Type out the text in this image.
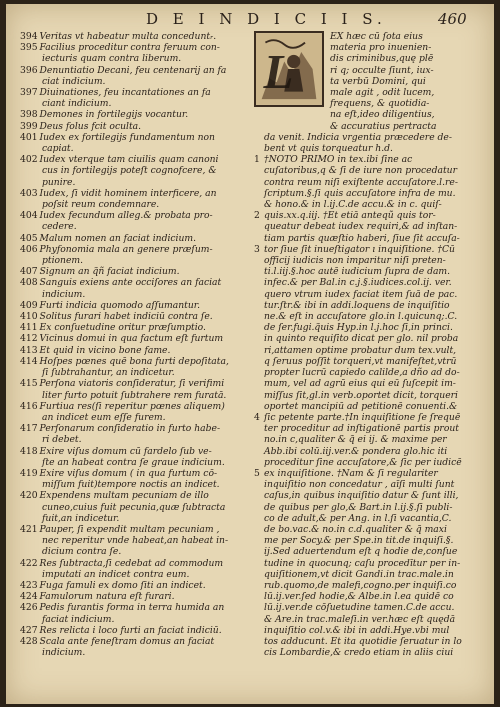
D E I N D I C I I S.	460
394 Veritas vt habeatur multa conceduntᵣ.
395 Facilius proceditur contra feruum con-
iecturis quam contra liberum.
396 Denuntiatio Decani, feu centenarij an fa
ciat indicium.
397 Diuinationes, feu incantationes an fa
ciant indicium.
398 Demones in fortilegijs vocantur.
399 Deus folus fcit oculta.
401 Iudex ex fortilegijs fundamentum non
capiat.
402 Iudex vterque tam ciuilis quam canoni
cus in fortilegijs poteſt cognofcere, &
punire.
403 Iudex, ſi vidit hominem interficere, an
poſsit reum condemnare.
404 Iudex fecundum alleg.& probata pro-
cedere.
405 Malum nomen an faciat indicium.
406 Phyfonomia mala an genere præſum-
ptionem.
407 Signum an q̃ñ faciat indicium.
408 Sanguis exiens ante occiſores an faciat
indicium.
409 Furti indicia quomodo aſſumantur.
410 Solitus furari habet indiciū contra ſe.
411 Ex conſuetudine oritur præſumptio.
412 Vicinus domui in qua factum eſt furtum
413 Et quid in vicino bone fame.
414 Hoſpes pœnes quē bona furti depoſitata,
ſi ſubtrahantur, an indicetur.
415 Perſona viatoris conſideratur, ſi verifimi
liter furto potuit ſubtrahere rem furatā.
416 Furtiua res(ſi reperitur pœnes aliquem)
an indicet eum eſſe furem.
417 Perſonarum conſideratio in furto habe-
ri debet.
418 Exire viſus domum cū fardelo ſub ve-
ſte an habeat contra ſe graue indicium.
419 Exire viſus domum ( in qua furtum cō-
miſſum fuit)tempore noctis an indicet.
420 Expendens multam pecuniam de illo
cuneo,cuius fuit pecunia,quæ ſubtracta
fuit,an indicetur.
421 Pauper, ſi expendit multam pecuniam ,
nec reperitur vnde habeat,an habeat in-
dicium contra ſe.
422 Res ſubtracta,ſi cedebat ad commodum
imputati an indicet contra eum.
423 Fuga famuli ex domo ſiti an indicet.
424 Famulorum natura eſt furari.
426 Pedis furantis forma in terra humida an
faciat indicium.
427 Res relicta i loco furti an faciat indiciū.
428 Scala ante feneſtram domus an faciat
indicium.
L
EX hæc cū ſota eius
materia pro inuenien-
dis criminibus,quę plē
ri q; occulte ſiunt, iux-
ta verbū Domini, qui
male agit , odit lucem,
frequens, & quotidia-
na eſt,ideo diligentius,
& accuratius pertracta
da venit. Indicia vrgentia præcedere de-
bent vt quis torqueatur h.d.
1 †NOTO PRIMO in tex.ibi ſine ac
cuſatoribus,q & ſi de iure non procedatur
contra reum niſi exiſtente accuſatore.l.re-
ſcriptum.§.ſi quis accuſatore infra de mu.
& hono.& in l.ij.C.de accu.& in c. quiſ-
2 quis.xx.q.iij. †Et etiā anteqũ quis tor-
queatur debeat iudex requiri,& ad inſtan-
tiam partis quæſtio haberi, ſiue ſit accuſa-
3 tor ſiue ſit inueſtigator ı inquiſitione. †Cū
officij iudicis non imparitur niſi preten-
ti.l.iij.§.hoc autē iudicium ſupra de dam.
infec.& per Bal.in c.j.§.iudices.col.ij. ver.
quero vtrum iudex faciat item ſuā de pac.
tur.ſtr.& ibi in addi.loquens de inquiſitio
ne.& eſt in accuſatore glo.in l.quicunq;.C.
de ſer.fugi.q̃uis Hyp.in l.j.hoc ſi,in princi.
in quinto requiſito dicat per glo. nil proba
ri,attamen optime probatur dum tex.vult,
q ſeruus poſſit torqueri,vt manifeſtet,vtrū
propter lucrū capiedo calilde,a dño ad do-
mum, vel ad agrū eius qui eū ſuſcepit im-
miſſus ſit,gl.in verb.oportet dicit, torqueri
oportet mancipiū ad petitionē conuenti.&
4 ſic petente parte.†In inquiſitione ſe ſrequē
ter proceditur ad inſtigationē partis prout
no.in c,qualiter & q̃ ei ij. & maxime per
Abb.ibi colū.iij.ver.& pondera glo.hic iti
proceditur ſine accuſatore,& ſic per iudicē
5 ex inquiſitione. †Nam & ſi regulariter
inquiſitio non concedatur , aīſi multi ſunt
caſus,in quibus inquiſitio datur & ſunt illi,
de quibus per glo,& Bart.in l.ij.§.ſi publi-
co de adult,& per Ang. in l.ſi vacantia,C.
de bo.vac.& no.in c.d.qualiter & q̃ maxi
me per Socy.& per Spe.in tit.de inquiſi.§.
ij.Sed aduertendum eſt q hodie de,conſue
tudine in quocunq; caſu procedītur per in-
quiſitionem,vt dicit Gandi.in trac.male.in
rub.quomo,de malefi,cogno.per inquiſi.co
lū.ij.ver.ſed hodie,& Albe.in l.ea quidē co
lū.ij.ver.de cōſuetudine tamen.C.de accu.
& Are.in trac.maleſi.in ver.hæc eſt quędā
inquiſitio col.v.& ibi in addi.Hye.vbi mul
tos adducunt. Et ita quotidie ſeruatur in lo
cis Lombardie,& credo etiam in aliis ciui
